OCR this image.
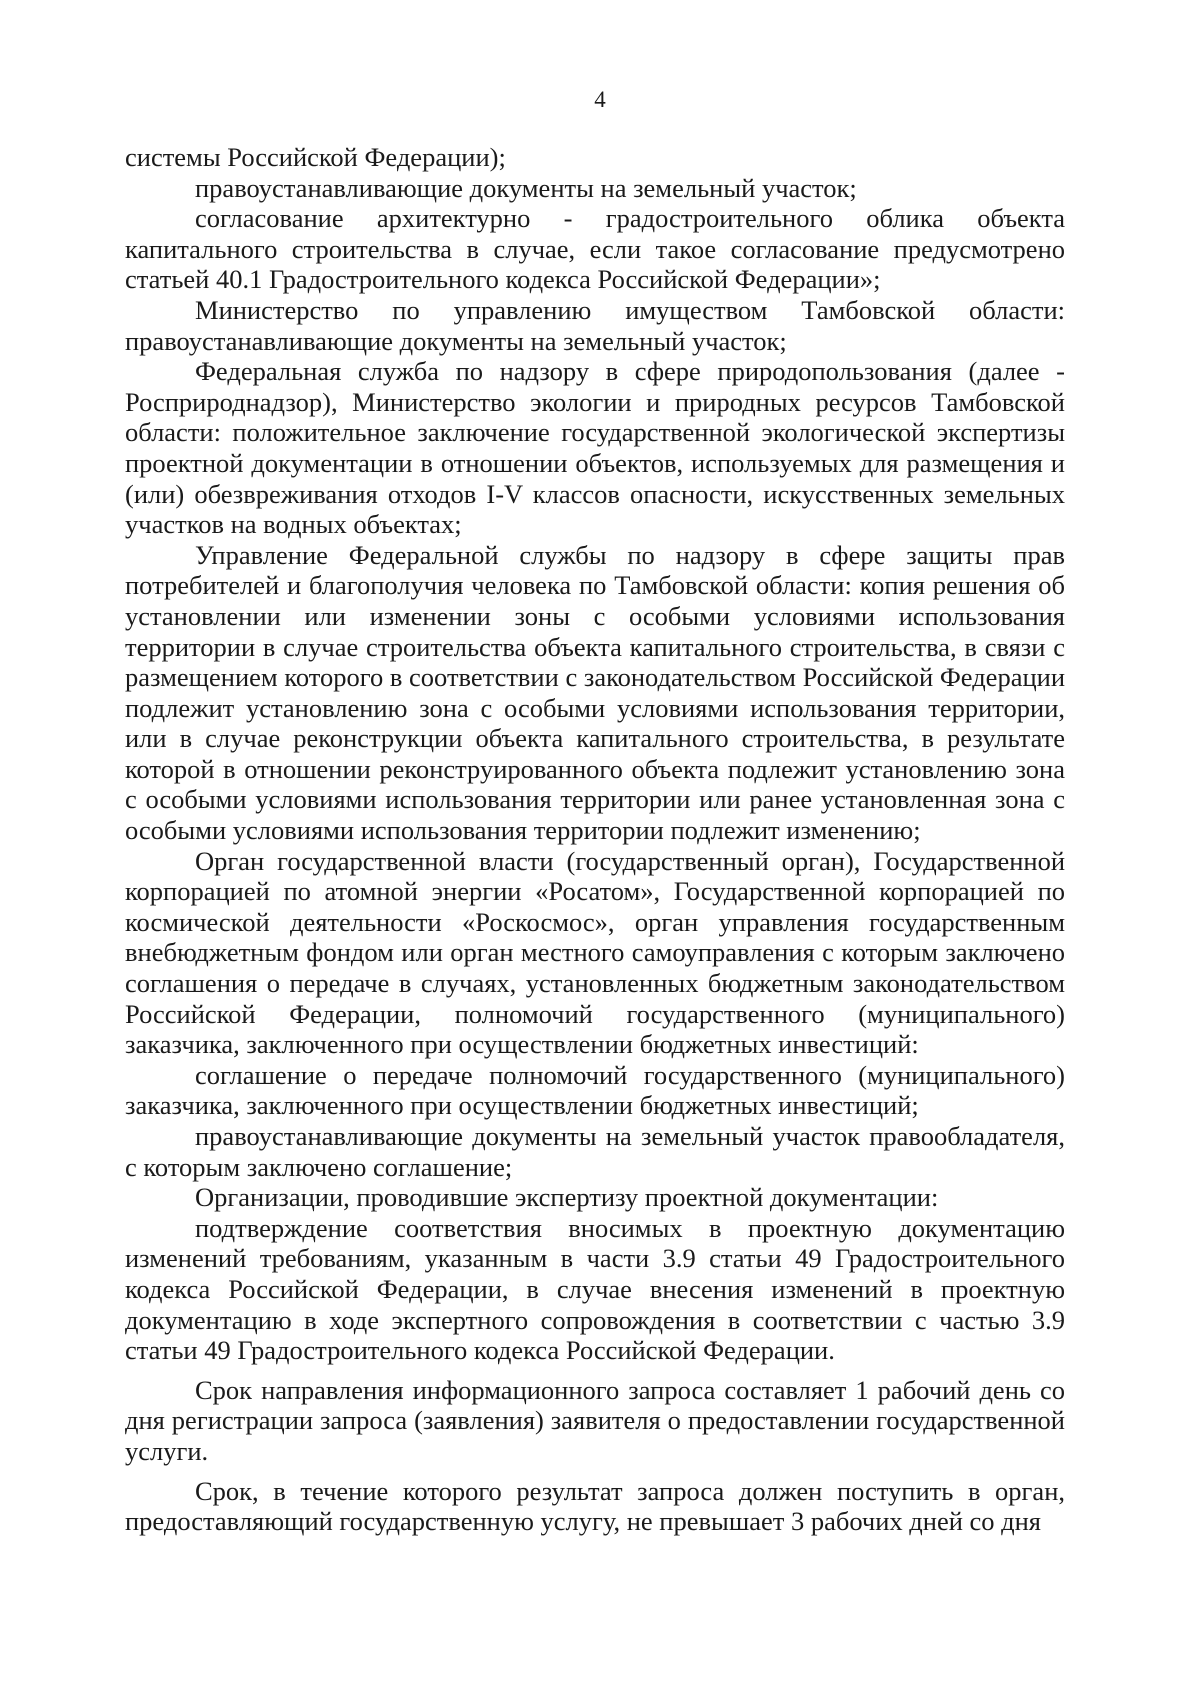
4

системы Российской Федерации);

правоустанавливающие документы на земельный участок;

согласование архитектурно - градостроительного облика объекта капитального строительства в случае, если такое согласование предусмотрено статьей 40.1 Градостроительного кодекса Российской Федерации»;

Министерство по управлению имуществом Тамбовской области: правоустанавливающие документы на земельный участок;

Федеральная служба по надзору в сфере природопользования (далее - Росприроднадзор), Министерство экологии и природных ресурсов Тамбовской области: положительное заключение государственной экологической экспертизы проектной документации в отношении объектов, используемых для размещения и (или) обезвреживания отходов I-V классов опасности, искусственных земельных участков на водных объектах;

Управление Федеральной службы по надзору в сфере защиты прав потребителей и благополучия человека по Тамбовской области: копия решения об установлении или изменении зоны с особыми условиями использования территории в случае строительства объекта капитального строительства, в связи с размещением которого в соответствии с законодательством Российской Федерации подлежит установлению зона с особыми условиями использования территории, или в случае реконструкции объекта капитального строительства, в результате которой в отношении реконструированного объекта подлежит установлению зона с особыми условиями использования территории или ранее установленная зона с особыми условиями использования территории подлежит изменению;

Орган государственной власти (государственный орган), Государственной корпорацией по атомной энергии «Росатом», Государственной корпорацией по космической деятельности «Роскосмос», орган управления государственным внебюджетным фондом или орган местного самоуправления с которым заключено соглашения о передаче в случаях, установленных бюджетным законодательством Российской Федерации, полномочий государственного (муниципального) заказчика, заключенного при осуществлении бюджетных инвестиций:

соглашение о передаче полномочий государственного (муниципального) заказчика, заключенного при осуществлении бюджетных инвестиций;

правоустанавливающие документы на земельный участок правообладателя, с которым заключено соглашение;

Организации, проводившие экспертизу проектной документации:

подтверждение соответствия вносимых в проектную документацию изменений требованиям, указанным в части 3.9 статьи 49 Градостроительного кодекса Российской Федерации, в случае внесения изменений в проектную документацию в ходе экспертного сопровождения в соответствии с частью 3.9 статьи 49 Градостроительного кодекса Российской Федерации.

Срок направления информационного запроса составляет 1 рабочий день со дня регистрации запроса (заявления) заявителя о предоставлении государственной услуги.

Срок, в течение которого результат запроса должен поступить в орган, предоставляющий государственную услугу, не превышает 3 рабочих дней со дня
